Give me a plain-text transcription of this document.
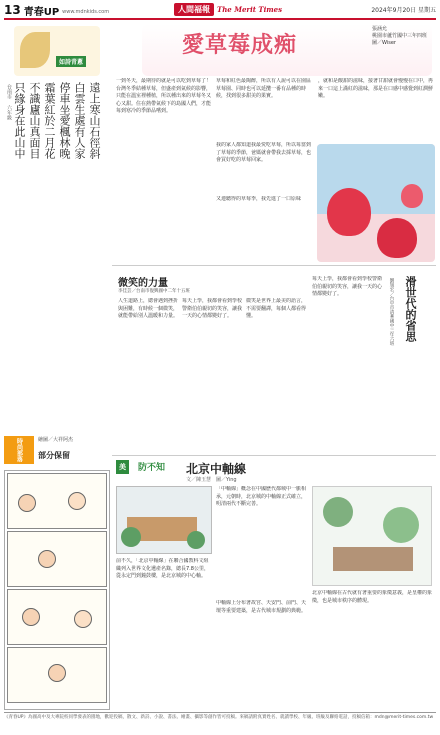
13 青春UP www.mdnkids.com	人間福報	The Merit Times	2024年9月20日 星期五
如詩青蔥
遠上寒山石徑斜
白雲生處有人家
停車坐愛楓林晚
霜葉紅於二月花
不識廬山真面目
只緣身在此山中
台南市 六年級
愛草莓成痴
張涵允
桃園市蘆竹國中三年四班
圖／Wiser
一到冬天，最期待的就是可以吃到草莓了！台灣冬季結種草莓，但盛產到氣候的影響，只能在溫室裡種植，所以種出來的草莓冬又心又甜。住在熱帶氣候下的島國人們，才能每到寒冷的季節品嚐到。
草莓和紅色最陶醉，所以有人說可以在園區草莓園、同時也可以延攬一番有品種的時候，找到很多甜美的果實。
我的家人都知道我最愛吃草莓，所以每當到了草莓的季節，爸媽就會帶我去採草莓，也會買好吃的草莓回家。
又連聽得的草莓季，我先進了一口原味
，就和是酸甜的滋味，接著甘甜就會慢慢在口中，再來一口這上滿紅的滋味，那是在口感中感覺到紅潤鮮嫩。
微笑的力量
李佳芸／台南市復興國中二年十五班
人生道路上，總會遇到挫折與困難，有時候一個微笑，就能帶給別人溫暖和力量。
每天上學，我都會看到學校警衛伯伯親切的笑容，讓我一天的心情都變好了。
微笑是世界上最美的語言，不需要翻譯，每個人都看得懂。	滑世代的省思
劉旭宏／台中市清華國中三年六班
每天上學，我都會看到學校警衛伯伯親切的笑容，讓我一天的心情都變好了。
時尚部落	繪圖／大祥阿杰
部分保留
美	防不知 北京中軸線
文／陳玉慧　圖／Ying
前不久，「北京中軸線」在聯合國教科文組織列入世界文化遺產名錄，總長7.8公里，從永定門到鐘鼓樓，是北京城的中心軸。
「中軸線」概念在中國歷代都城中一脈相承，元朝時，北京城的中軸線正式確立，明清兩代不斷完善。
中軸線上分布著故宮、天安門、前門、天壇等重要建築，是古代城市規劃的典範。
北京中軸線在古代就有著重要的象徵意義，是皇權的象徵，也是城市秩序的體現。
《青春UP》為國高中及大專院校同學發表的園地，歡迎投稿，散文、新詩、小說、書法、繪畫、攝影等創作皆可投稿。來稿請附真實姓名、就讀學校、年級、班級及聯絡電話，投稿信箱：mdn@merit-times.com.tw
